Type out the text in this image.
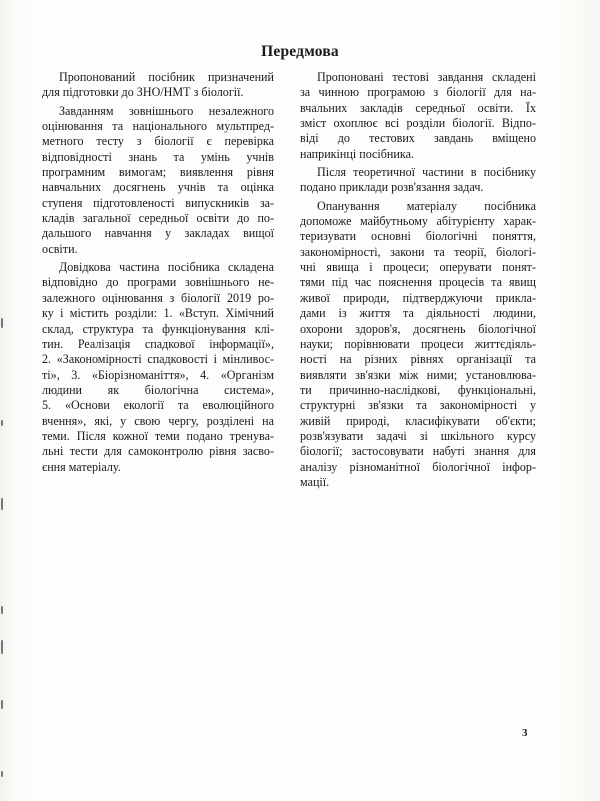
Передмова
Пропонований посібник призначений
для підготовки до ЗНО/НМТ з біології.
Завданням зовнішнього незалежного
оцінювання та національного мультпред-
метного тесту з біології є перевірка
відповідності знань та умінь учнів
програмним вимогам; виявлення рівня
навчальних досягнень учнів та оцінка
ступеня підготовленості випускників за-
кладів загальної середньої освіти до по-
дальшого навчання у закладах вищої
освіти.
Довідкова частина посібника складена
відповідно до програми зовнішнього не-
залежного оцінювання з біології 2019 ро-
ку і містить розділи: 1. «Вступ. Хімічний
склад, структура та функціонування клі-
тин. Реалізація спадкової інформації»,
2. «Закономірності спадковості і мінливос-
ті», 3. «Біорізноманіття», 4. «Організм
людини як біологічна система»,
5. «Основи екології та еволюційного
вчення», які, у свою чергу, розділені на
теми. Після кожної теми подано тренува-
льні тести для самоконтролю рівня засво-
єння матеріалу.
Пропоновані тестові завдання складені
за чинною програмою з біології для на-
вчальних закладів середньої освіти. Їх
зміст охоплює всі розділи біології. Відпо-
віді до тестових завдань вміщено
наприкінці посібника.
Після теоретичної частини в посібнику
подано приклади розв'язання задач.
Опанування матеріалу посібника
допоможе майбутньому абітурієнту харак-
теризувати основні біологічні поняття,
закономірності, закони та теорії, біологі-
чні явища і процеси; оперувати понят-
тями під час пояснення процесів та явищ
живої природи, підтверджуючи прикла-
дами із життя та діяльності людини,
охорони здоров'я, досягнень біологічної
науки; порівнювати процеси життєдіяль-
ності на різних рівнях організації та
виявляти зв'язки між ними; установлюва-
ти причинно-наслідкові, функціональні,
структурні зв'язки та закономірності у
живій природі, класифікувати об'єкти;
розв'язувати задачі зі шкільного курсу
біології; застосовувати набуті знання для
аналізу різноманітної біологічної інфор-
мації.
3
